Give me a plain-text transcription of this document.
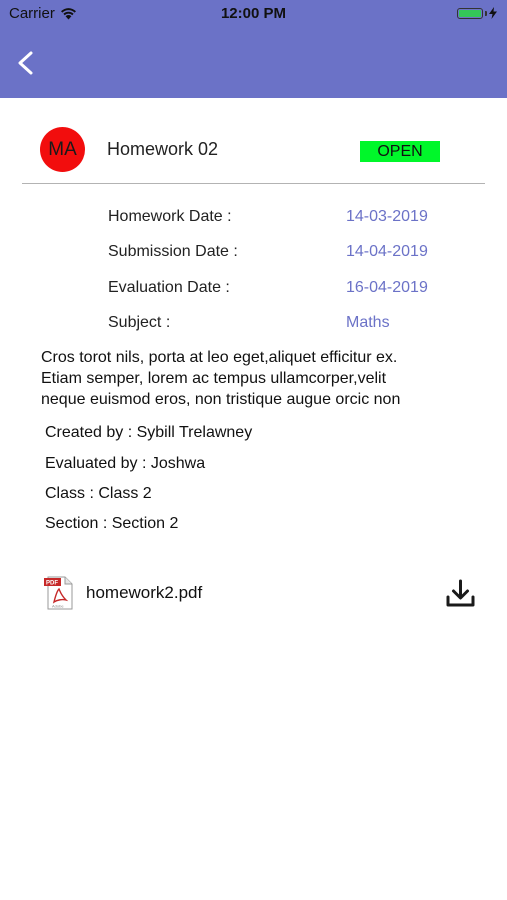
Carrier	12:00 PM
MA Homework 02	OPEN
Homework Date :	14-03-2019
Submission Date :	14-04-2019
Evaluation Date :	16-04-2019
Subject :	Maths
Cros torot nils, porta at leo eget,aliquet efficitur ex.
Etiam semper, lorem ac tempus ullamcorper,velit
neque euismod eros, non tristique augue orcic non
Created by : Sybill Trelawney
Evaluated by : Joshwa
Class : Class 2
Section : Section 2
PDF
Adobe
homework2.pdf
